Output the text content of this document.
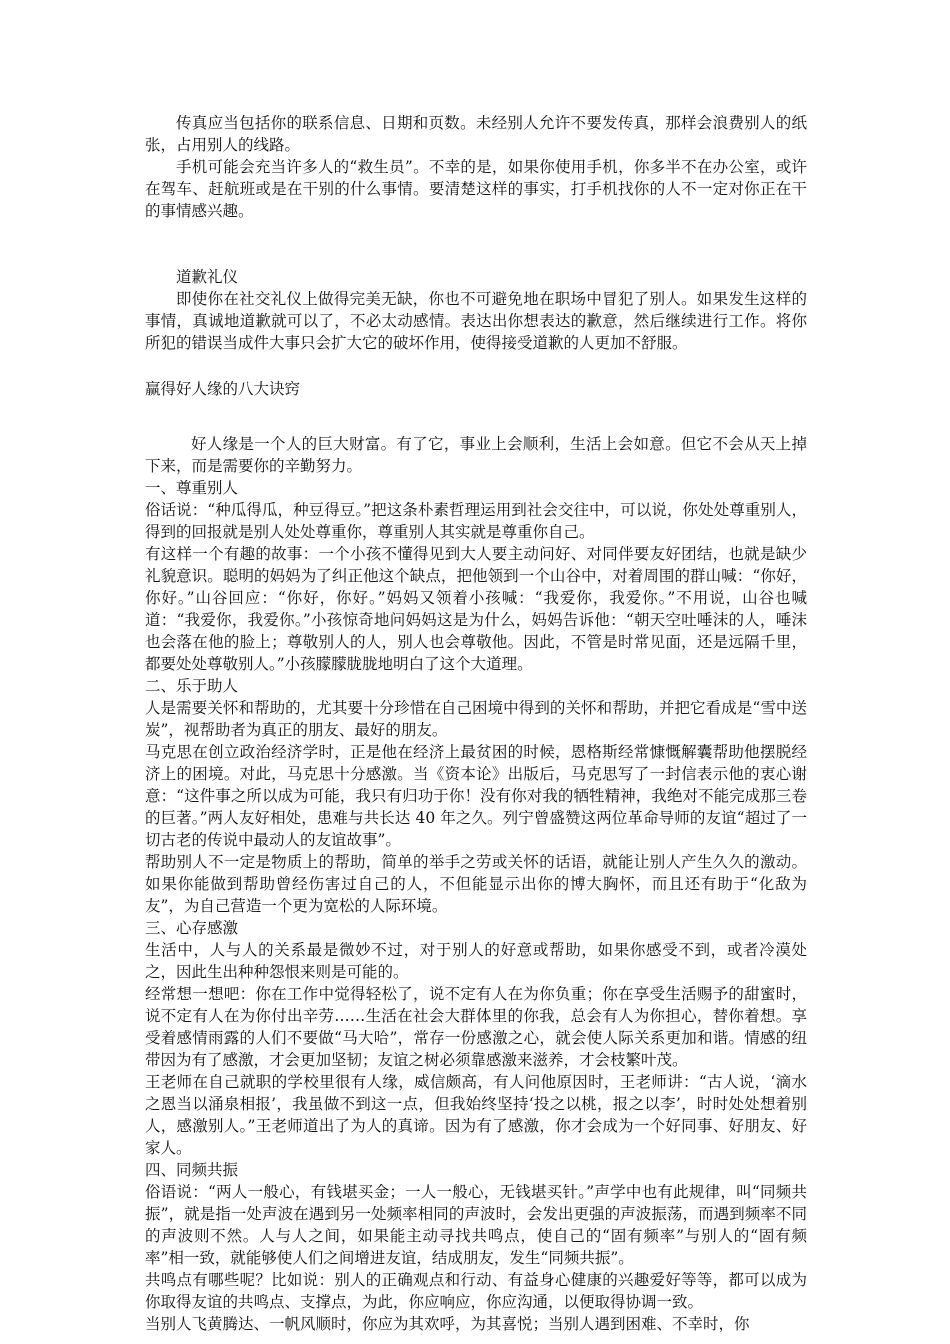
传真应当包括你的联系信息、日期和页数。未经别人允许不要发传真，那样会浪费别人的纸张，占用别人的线路。

手机可能会充当许多人的“救生员”。不幸的是，如果你使用手机，你多半不在办公室，或许在驾车、赶航班或是在干别的什么事情。要清楚这样的事实，打手机找你的人不一定对你正在干的事情感兴趣。

道歉礼仪

即使你在社交礼仪上做得完美无缺，你也不可避免地在职场中冒犯了别人。如果发生这样的事情，真诚地道歉就可以了，不必太动感情。表达出你想表达的歉意，然后继续进行工作。将你所犯的错误当成件大事只会扩大它的破坏作用，使得接受道歉的人更加不舒服。

赢得好人缘的八大诀窍

好人缘是一个人的巨大财富。有了它，事业上会顺利，生活上会如意。但它不会从天上掉下来，而是需要你的辛勤努力。

一、尊重别人

俗话说：“种瓜得瓜，种豆得豆。”把这条朴素哲理运用到社会交往中，可以说，你处处尊重别人，得到的回报就是别人处处尊重你，尊重别人其实就是尊重你自己。

有这样一个有趣的故事：一个小孩不懂得见到大人要主动问好、对同伴要友好团结，也就是缺少礼貌意识。聪明的妈妈为了纠正他这个缺点，把他领到一个山谷中，对着周围的群山喊：“你好，你好。”山谷回应：“你好，你好。”妈妈又领着小孩喊：“我爱你，我爱你。”不用说，山谷也喊道：“我爱你，我爱你。”小孩惊奇地问妈妈这是为什么，妈妈告诉他：“朝天空吐唾沫的人，唾沫也会落在他的脸上；尊敬别人的人，别人也会尊敬他。因此，不管是时常见面，还是远隔千里，都要处处尊敬别人。”小孩朦朦胧胧地明白了这个大道理。

二、乐于助人

人是需要关怀和帮助的，尤其要十分珍惜在自己困境中得到的关怀和帮助，并把它看成是“雪中送炭”，视帮助者为真正的朋友、最好的朋友。

马克思在创立政治经济学时，正是他在经济上最贫困的时候，恩格斯经常慷慨解囊帮助他摆脱经济上的困境。对此，马克思十分感激。当《资本论》出版后，马克思写了一封信表示他的衷心谢意：“这件事之所以成为可能，我只有归功于你！没有你对我的牺牲精神，我绝对不能完成那三卷的巨著。”两人友好相处，患难与共长达 40 年之久。列宁曾盛赞这两位革命导师的友谊“超过了一切古老的传说中最动人的友谊故事”。

帮助别人不一定是物质上的帮助，简单的举手之劳或关怀的话语，就能让别人产生久久的激动。如果你能做到帮助曾经伤害过自己的人，不但能显示出你的博大胸怀，而且还有助于“化敌为友”，为自己营造一个更为宽松的人际环境。

三、心存感激

生活中，人与人的关系最是微妙不过，对于别人的好意或帮助，如果你感受不到，或者冷漠处之，因此生出种种怨恨来则是可能的。

经常想一想吧：你在工作中觉得轻松了，说不定有人在为你负重；你在享受生活赐予的甜蜜时，说不定有人在为你付出辛劳……生活在社会大群体里的你我，总会有人为你担心，替你着想。享受着感情雨露的人们不要做“马大哈”，常存一份感激之心，就会使人际关系更加和谐。情感的纽带因为有了感激，才会更加坚韧；友谊之树必须靠感激来滋养，才会枝繁叶茂。

王老师在自己就职的学校里很有人缘，威信颇高，有人问他原因时，王老师讲：“古人说，‘滴水之恩当以涌泉相报’，我虽做不到这一点，但我始终坚持‘投之以桃，报之以李’，时时处处想着别人，感激别人。”王老师道出了为人的真谛。因为有了感激，你才会成为一个好同事、好朋友、好家人。

四、同频共振

俗语说：“两人一般心，有钱堪买金；一人一般心，无钱堪买针。”声学中也有此规律，叫“同频共振”，就是指一处声波在遇到另一处频率相同的声波时，会发出更强的声波振荡，而遇到频率不同的声波则不然。人与人之间，如果能主动寻找共鸣点，使自己的“固有频率”与别人的“固有频率”相一致，就能够使人们之间增进友谊，结成朋友，发生“同频共振”。

共鸣点有哪些呢？比如说：别人的正确观点和行动、有益身心健康的兴趣爱好等等，都可以成为你取得友谊的共鸣点、支撑点，为此，你应响应，你应沟通，以便取得协调一致。

当别人飞黄腾达、一帆风顺时，你应为其欢呼，为其喜悦；当别人遇到困难、不幸时，你
